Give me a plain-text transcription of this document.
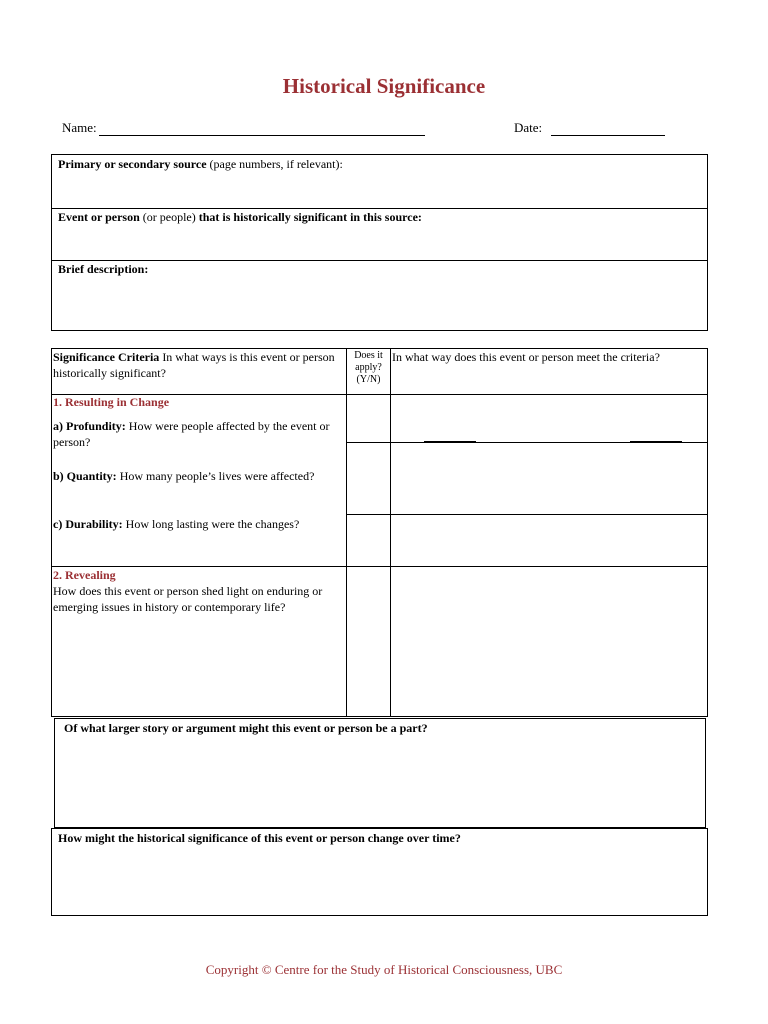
Historical Significance
Name:	Date:
Primary or secondary source (page numbers, if relevant):
Event or person (or people) that is historically significant in this source:
Brief description:
Significance Criteria In what ways is this event or person historically significant?
Does it apply? (Y/N)
In what way does this event or person meet the criteria?
1. Resulting in Change
a) Profundity: How were people affected by the event or person?
b) Quantity: How many people’s lives were affected?
c) Durability: How long lasting were the changes?
2. Revealing
How does this event or person shed light on enduring or emerging issues in history or contemporary life?
Of what larger story or argument might this event or person be a part?
How might the historical significance of this event or person change over time?
Copyright © Centre for the Study of Historical Consciousness, UBC
